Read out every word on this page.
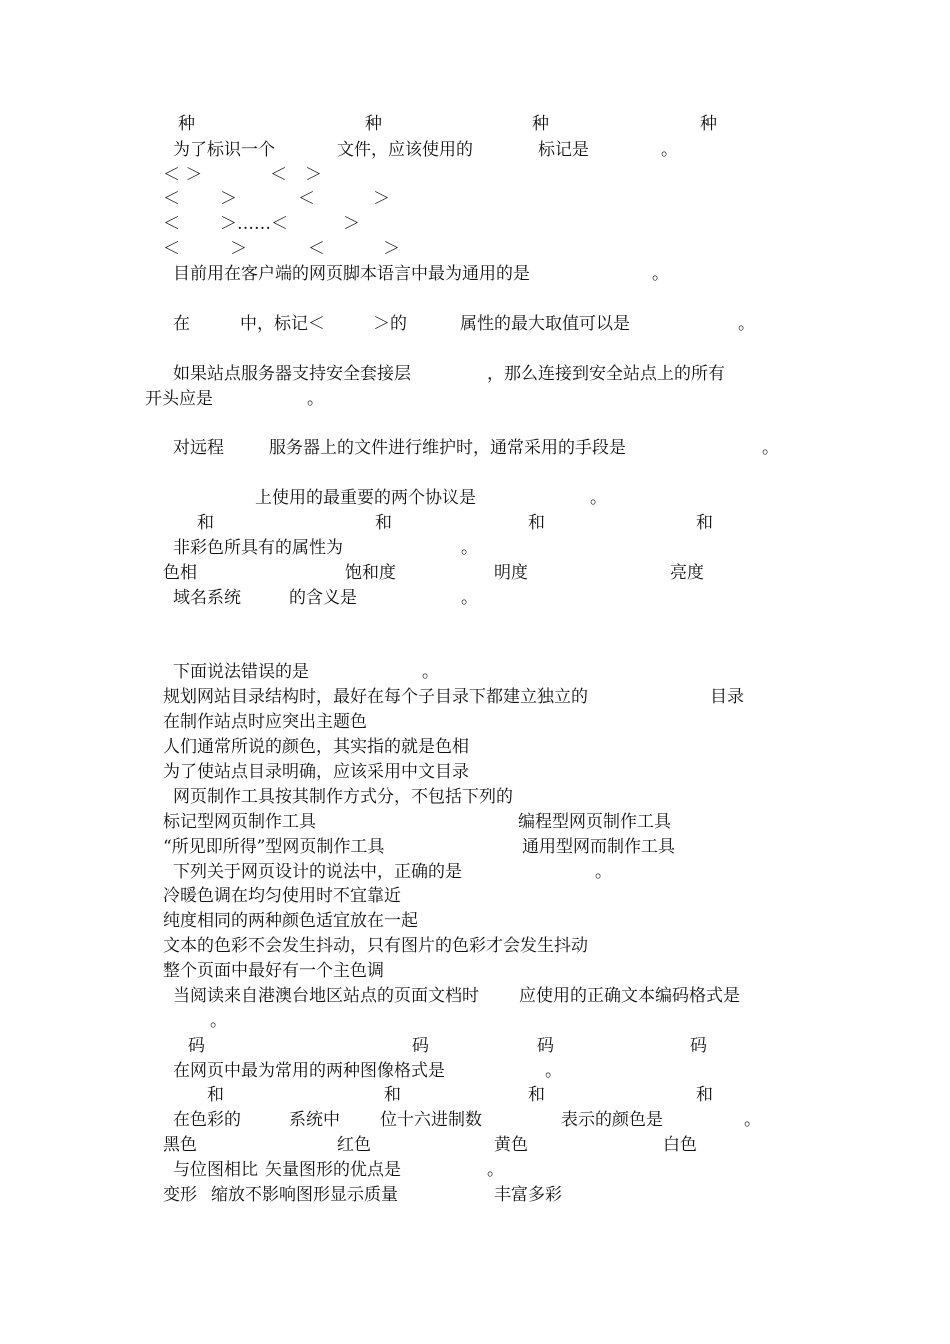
种	种	种	种
为了标识一个	文件，应该使用的	标记是	。
＜ ＞	＜ ＞
＜ ＞	＜	＞
＜ ＞……＜	＞
＜	＞	＜	＞
目前用在客户端的网页脚本语言中最为通用的是	。
在	中，标记＜	＞的	属性的最大取值可以是	。
如果站点服务器支持安全套接层	，那么连接到安全站点上的所有
开头应是	。
对远程	服务器上的文件进行维护时，通常采用的手段是	。
上使用的最重要的两个协议是	。
和	和	和	和
非彩色所具有的属性为	。
色相	饱和度	明度	亮度
域名系统	的含义是	。
下面说法错误的是	。
规划网站目录结构时，最好在每个子目录下都建立独立的	目录
在制作站点时应突出主题色
人们通常所说的颜色，其实指的就是色相
为了使站点目录明确，应该采用中文目录
网页制作工具按其制作方式分，不包括下列的
标记型网页制作工具	编程型网页制作工具
“所见即所得”型网页制作工具	通用型网而制作工具
下列关于网页设计的说法中，正确的是	。
冷暖色调在均匀使用时不宜靠近
纯度相同的两种颜色适宜放在一起
文本的色彩不会发生抖动，只有图片的色彩才会发生抖动
整个页面中最好有一个主色调
当阅读来自港澳台地区站点的页面文档时 应使用的正确文本编码格式是
。
码	码	码	码
在网页中最为常用的两种图像格式是	。
和	和	和	和
在色彩的	系统中 位十六进制数	表示的颜色是	。
黑色	红色	黄色	白色
与位图相比 矢量图形的优点是	。
变形 缩放不影响图形显示质量	丰富多彩
